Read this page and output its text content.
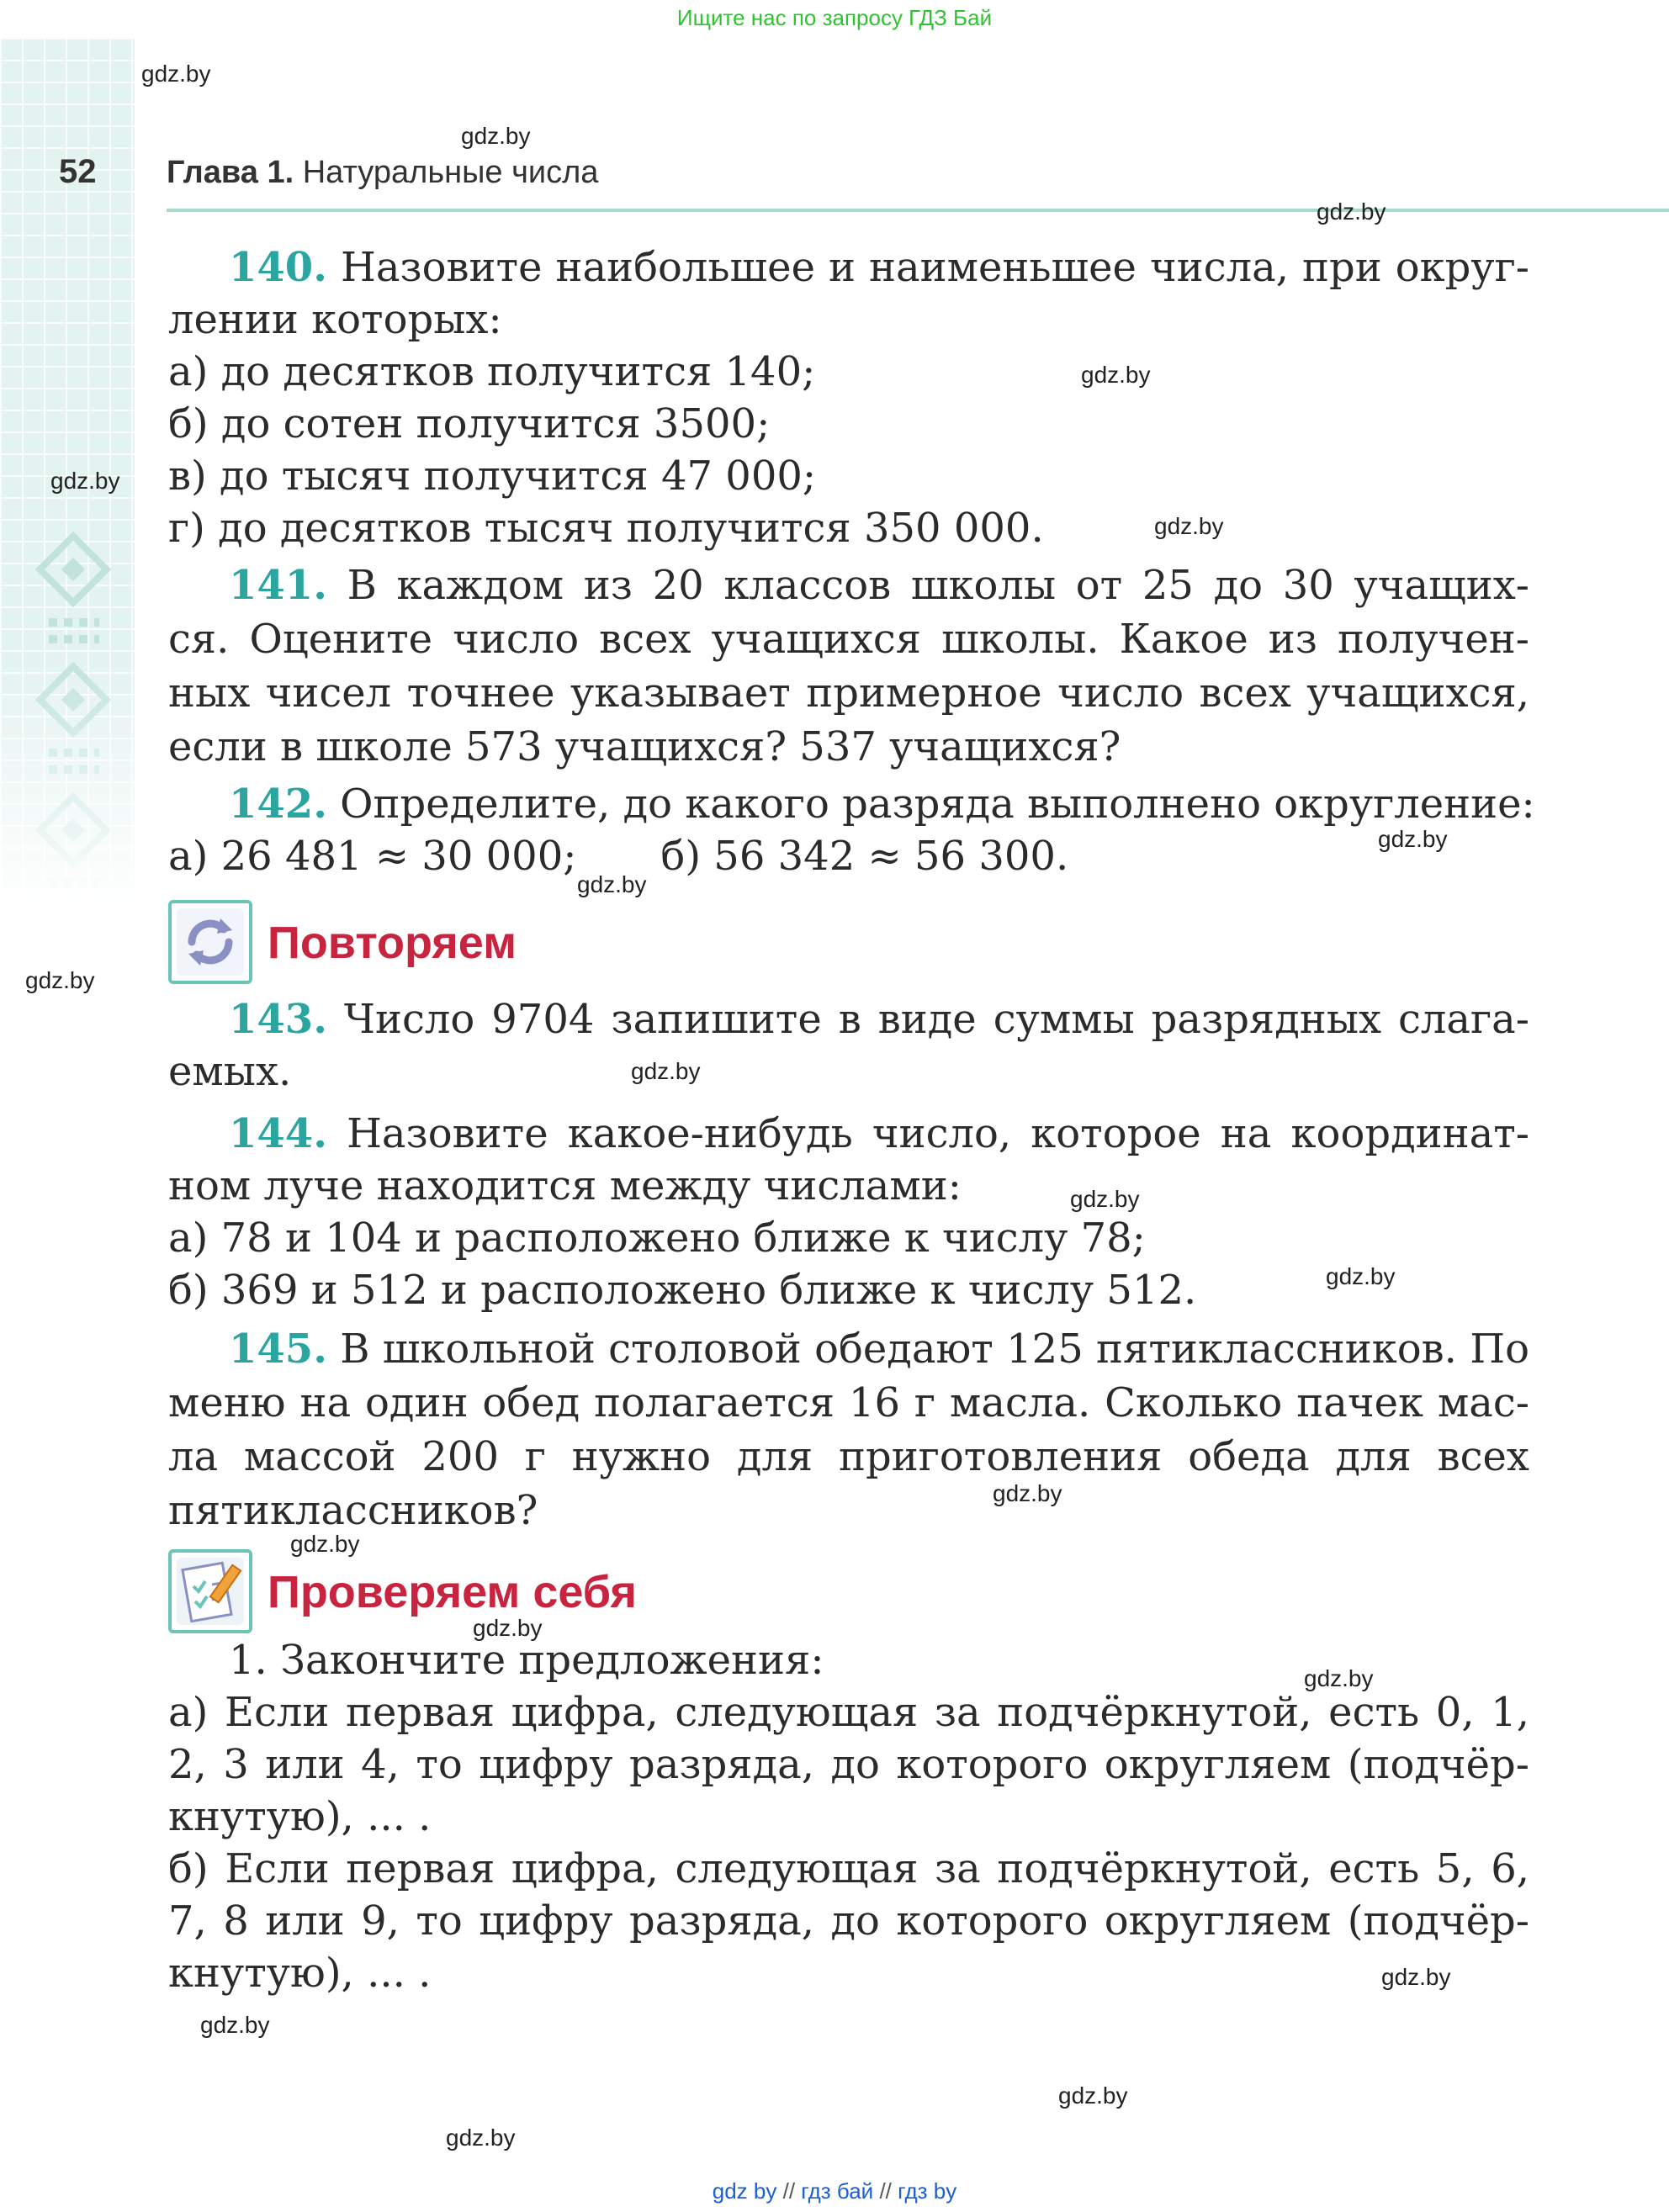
Ищите нас по запросу ГДЗ Бай
52 Глава 1. Натуральные числа
gdz.by
gdz.by
gdz.by
gdz.by
gdz.by
gdz.by
gdz.by
gdz.by
gdz.by
gdz.by
gdz.by
gdz.by
gdz.by
gdz.by
gdz.by
gdz.by
gdz.by
gdz.by
gdz.by
gdz.by
140. Назовите наибольшее и наименьшее числа, при округ-
лении которых:
а) до десятков получится 140;
б) до сотен получится 3500;
в) до тысяч получится 47 000;
г) до десятков тысяч получится 350 000.
141. В каждом из 20 классов школы от 25 до 30 учащих-
ся. Оцените число всех учащихся школы. Какое из получен-
ных чисел точнее указывает примерное число всех учащихся,
если в школе 573 учащихся? 537 учащихся?
142. Определите, до какого разряда выполнено округление:
а) 26 481 ≈ 30 000; б) 56 342 ≈ 56 300.
Повторяем
143. Число 9704 запишите в виде суммы разрядных слага-
емых.
144. Назовите какое-нибудь число, которое на координат-
ном луче находится между числами:
а) 78 и 104 и расположено ближе к числу 78;
б) 369 и 512 и расположено ближе к числу 512.
145. В школьной столовой обедают 125 пятиклассников. По
меню на один обед полагается 16 г масла. Сколько пачек мас-
ла массой 200 г нужно для приготовления обеда для всех
пятиклассников?
Проверяем себя
1. Закончите предложения:
а) Если первая цифра, следующая за подчёркнутой, есть 0, 1,
2, 3 или 4, то цифру разряда, до которого округляем (подчёр-
кнутую), ... .
б) Если первая цифра, следующая за подчёркнутой, есть 5, 6,
7, 8 или 9, то цифру разряда, до которого округляем (подчёр-
кнутую), ... .
gdz by // гдз бай // гдз by
